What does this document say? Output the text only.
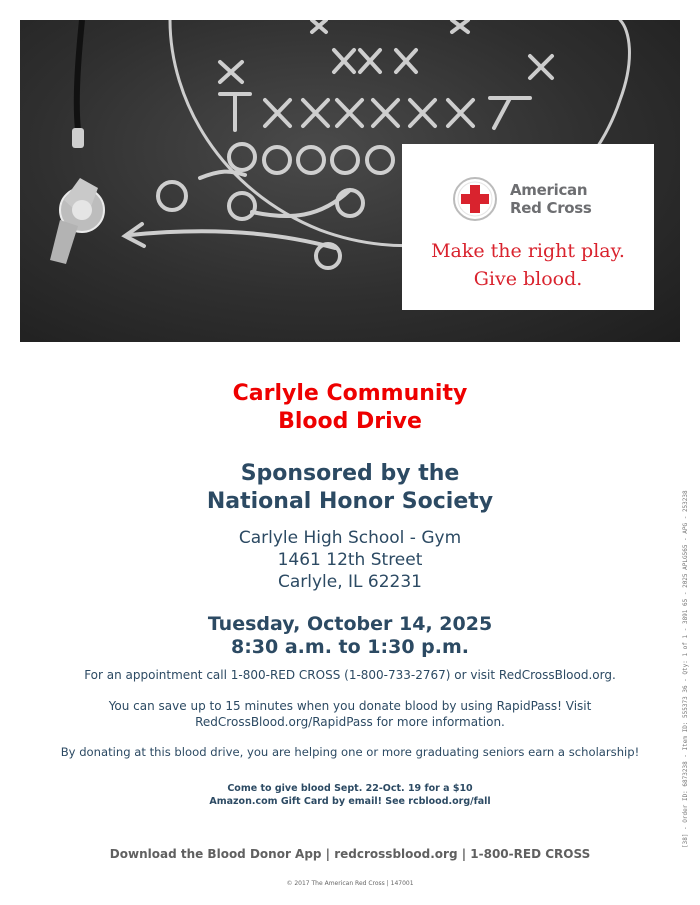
American
Red Cross
Make the right play.
Give blood.
Carlyle Community
Blood Drive
Sponsored by the
National Honor Society
Carlyle High School - Gym
1461 12th Street
Carlyle, IL 62231
Tuesday, October 14, 2025
8:30 a.m. to 1:30 p.m.
For an appointment call 1-800-RED CROSS (1-800-733-2767) or visit RedCrossBlood.org.
You can save up to 15 minutes when you donate blood by using RapidPass! Visit
RedCrossBlood.org/RapidPass for more information.
By donating at this blood drive, you are helping one or more graduating seniors earn a scholarship!
Come to give blood Sept. 22-Oct. 19 for a $10
Amazon.com Gift Card by email! See rcblood.org/fall
Download the Blood Donor App | redcrossblood.org | 1-800-RED CROSS
© 2017 The American Red Cross | 147001
[38] - Order ID: 6873238 - Item ID: 555373 36 - Qty: 1 of 1 - 3891 65 - 2025 APLG565 - APG - 253238
